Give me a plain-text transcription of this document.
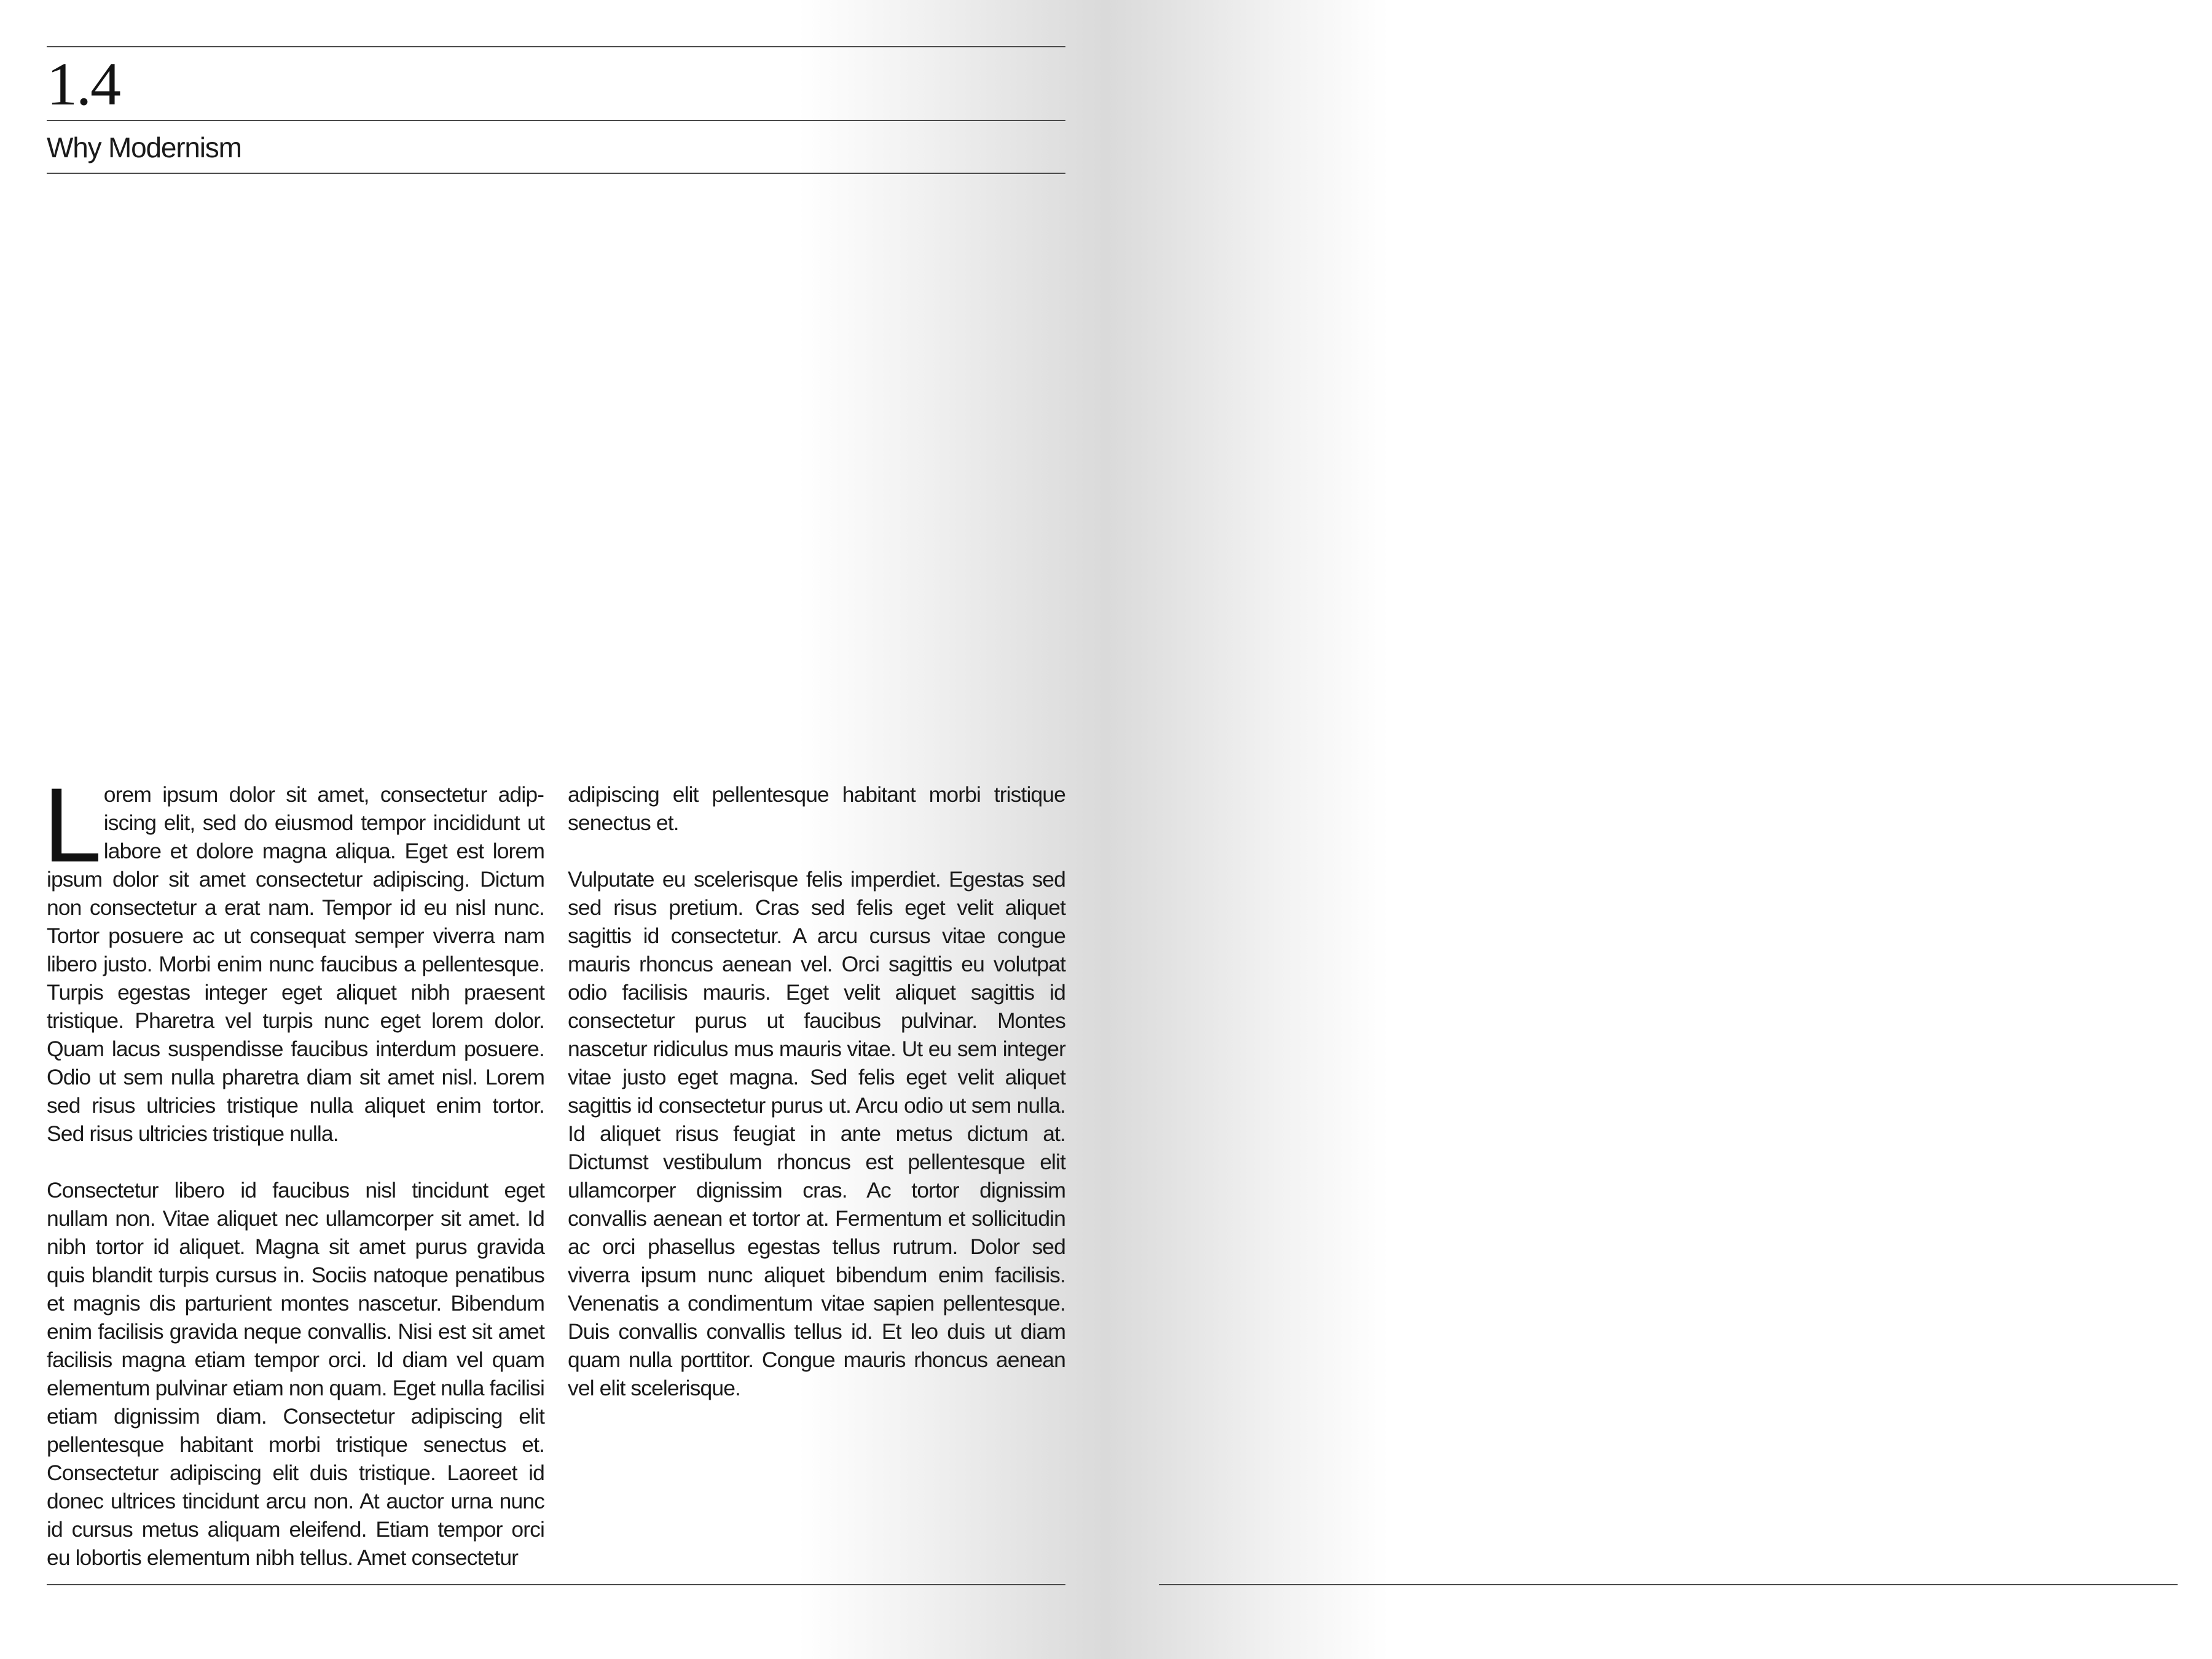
1.4
Why Modernism

Lorem ipsum dolor sit amet, consectetur adipiscing elit, sed do eiusmod tempor incididunt ut labore et dolore magna aliqua. Eget est lorem ipsum dolor sit amet consectetur adipiscing. Dictum non consectetur a erat nam. Tempor id eu nisl nunc. Tortor posuere ac ut consequat semper viverra nam libero justo. Morbi enim nunc faucibus a pellentesque. Turpis egestas integer eget aliquet nibh praesent tristique. Pharetra vel turpis nunc eget lorem dolor. Quam lacus suspendisse faucibus interdum posuere. Odio ut sem nulla pharetra diam sit amet nisl. Lorem sed risus ultricies tristique nulla aliquet enim tortor. Sed risus ultricies tristique nulla.

Consectetur libero id faucibus nisl tincidunt eget nullam non. Vitae aliquet nec ullamcorper sit amet. Id nibh tortor id aliquet. Magna sit amet purus gravida quis blandit turpis cursus in. Sociis natoque penatibus et magnis dis parturient montes nascetur. Bibendum enim facilisis gravida neque convallis. Nisi est sit amet facilisis magna etiam tempor orci. Id diam vel quam elementum pulvinar etiam non quam. Eget nulla facilisi etiam dignissim diam. Consectetur adipiscing elit pellentesque habitant morbi tristique senectus et. Consectetur adipiscing elit duis tristique. Laoreet id donec ultrices tincidunt arcu non. At auctor urna nunc id cursus metus aliquam eleifend. Etiam tempor orci eu lobortis elementum nibh tellus. Amet consectetur

adipiscing elit pellentesque habitant morbi tristique senectus et.

Vulputate eu scelerisque felis imperdiet. Egestas sed sed risus pretium. Cras sed felis eget velit aliquet sagittis id consectetur. A arcu cursus vitae congue mauris rhoncus aenean vel. Orci sagittis eu volutpat odio facilisis mauris. Eget velit aliquet sagittis id consectetur purus ut faucibus pulvinar. Montes nascetur ridiculus mus mauris vitae. Ut eu sem integer vitae justo eget magna. Sed felis eget velit aliquet sagittis id consectetur purus ut. Arcu odio ut sem nulla. Id aliquet risus feugiat in ante metus dictum at. Dictumst vestibulum rhoncus est pellentesque elit ullamcorper dignissim cras. Ac tortor dignissim convallis aenean et tortor at. Fermentum et sollicitudin ac orci phasellus egestas tellus rutrum. Dolor sed viverra ipsum nunc aliquet bibendum enim facilisis. Venenatis a condimentum vitae sapien pellentesque. Duis convallis convallis tellus id. Et leo duis ut diam quam nulla porttitor. Congue mauris rhoncus aenean vel elit scelerisque.
